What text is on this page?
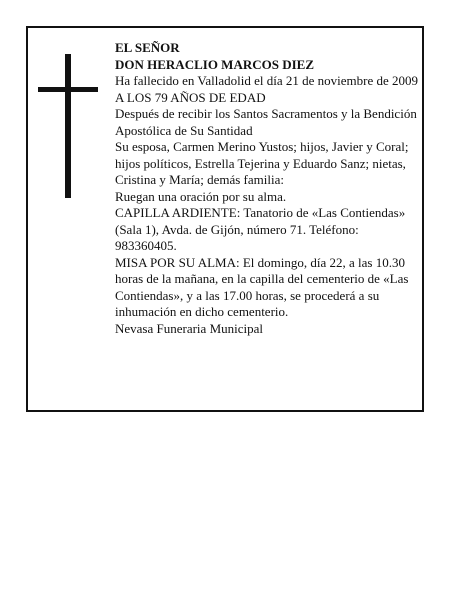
EL SEÑOR

DON HERACLIO MARCOS DIEZ

Ha fallecido en Valladolid el día 21 de noviembre de 2009

A LOS 79 AÑOS DE EDAD

Después de recibir los Santos Sacramentos y la Bendición Apostólica de Su Santidad

Su esposa, Carmen Merino Yustos; hijos, Javier y Coral; hijos políticos, Estrella Tejerina y Eduardo Sanz; nietas, Cristina y María; demás familia:

Ruegan una oración por su alma.

CAPILLA ARDIENTE: Tanatorio de «Las Contiendas» (Sala 1), Avda. de Gijón, número 71. Teléfono: 983360405.

MISA POR SU ALMA: El domingo, día 22, a las 10.30 horas de la mañana, en la capilla del cementerio de «Las Contiendas», y a las 17.00 horas, se procederá a su inhumación en dicho cementerio.

Nevasa Funeraria Municipal
